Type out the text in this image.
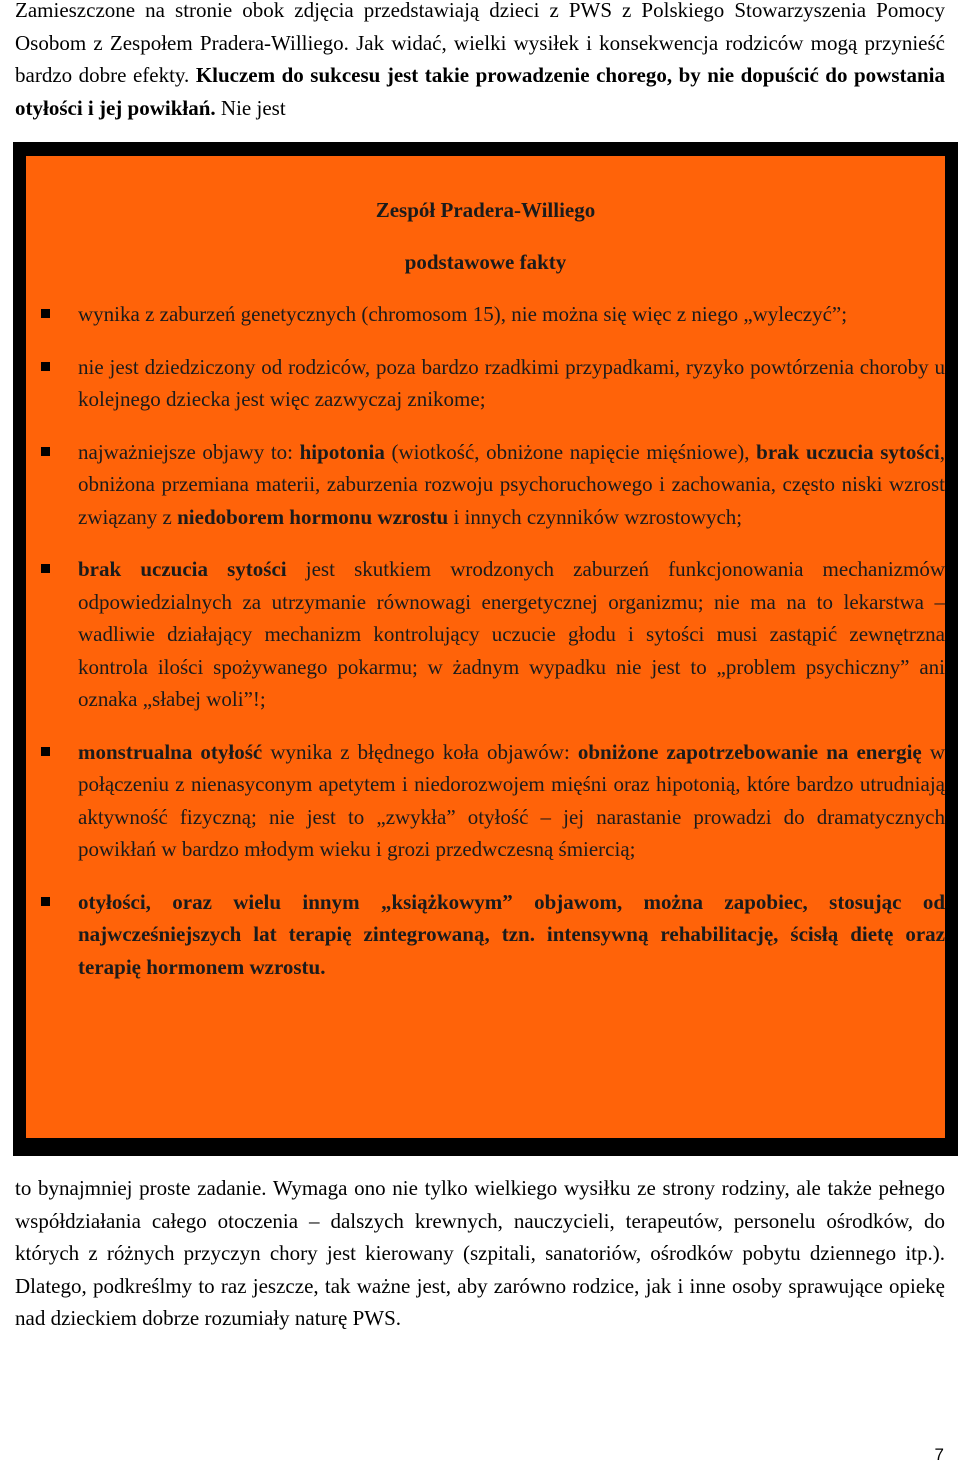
Zamieszczone na stronie obok zdjęcia przedstawiają dzieci z PWS z Polskiego Stowarzyszenia Pomocy Osobom z Zespołem Pradera-Williego. Jak widać, wielki wysiłek i konsekwencja rodziców mogą przynieść bardzo dobre efekty. Kluczem do sukcesu jest takie prowadzenie chorego, by nie dopuścić do powstania otyłości i jej powikłań. Nie jest

Zespół Pradera-Williego

podstawowe fakty

wynika z zaburzeń genetycznych (chromosom 15), nie można się więc z niego „wyleczyć”;
nie jest dziedziczony od rodziców, poza bardzo rzadkimi przypadkami, ryzyko powtórzenia choroby u kolejnego dziecka jest więc zazwyczaj znikome;
najważniejsze objawy to: hipotonia (wiotkość, obniżone napięcie mięśniowe), brak uczucia sytości, obniżona przemiana materii, zaburzenia rozwoju psychoruchowego i zachowania, często niski wzrost związany z niedoborem hormonu wzrostu i innych czynników wzrostowych;
brak uczucia sytości jest skutkiem wrodzonych zaburzeń funkcjonowania mechanizmów odpowiedzialnych za utrzymanie równowagi energetycznej organizmu; nie ma na to lekarstwa – wadliwie działający mechanizm kontrolujący uczucie głodu i sytości musi zastąpić zewnętrzna kontrola ilości spożywanego pokarmu; w żadnym wypadku nie jest to „problem psychiczny” ani oznaka „słabej woli”!;
monstrualna otyłość wynika z błędnego koła objawów: obniżone zapotrzebowanie na energię w połączeniu z nienasyconym apetytem i niedorozwojem mięśni oraz hipotonią, które bardzo utrudniają aktywność fizyczną; nie jest to „zwykła” otyłość – jej narastanie prowadzi do dramatycznych powikłań w bardzo młodym wieku i grozi przedwczesną śmiercią;
otyłości, oraz wielu innym „książkowym” objawom, można zapobiec, stosując od najwcześniejszych lat terapię zintegrowaną, tzn. intensywną rehabilitację, ścisłą dietę oraz terapię hormonem wzrostu.

to bynajmniej proste zadanie. Wymaga ono nie tylko wielkiego wysiłku ze strony rodziny, ale także pełnego współdziałania całego otoczenia – dalszych krewnych, nauczycieli, terapeutów, personelu ośrodków, do których z różnych przyczyn chory jest kierowany (szpitali, sanatoriów, ośrodków pobytu dziennego itp.). Dlatego, podkreślmy to raz jeszcze, tak ważne jest, aby zarówno rodzice, jak i inne osoby sprawujące opiekę nad dzieckiem dobrze rozumiały naturę PWS.

7
